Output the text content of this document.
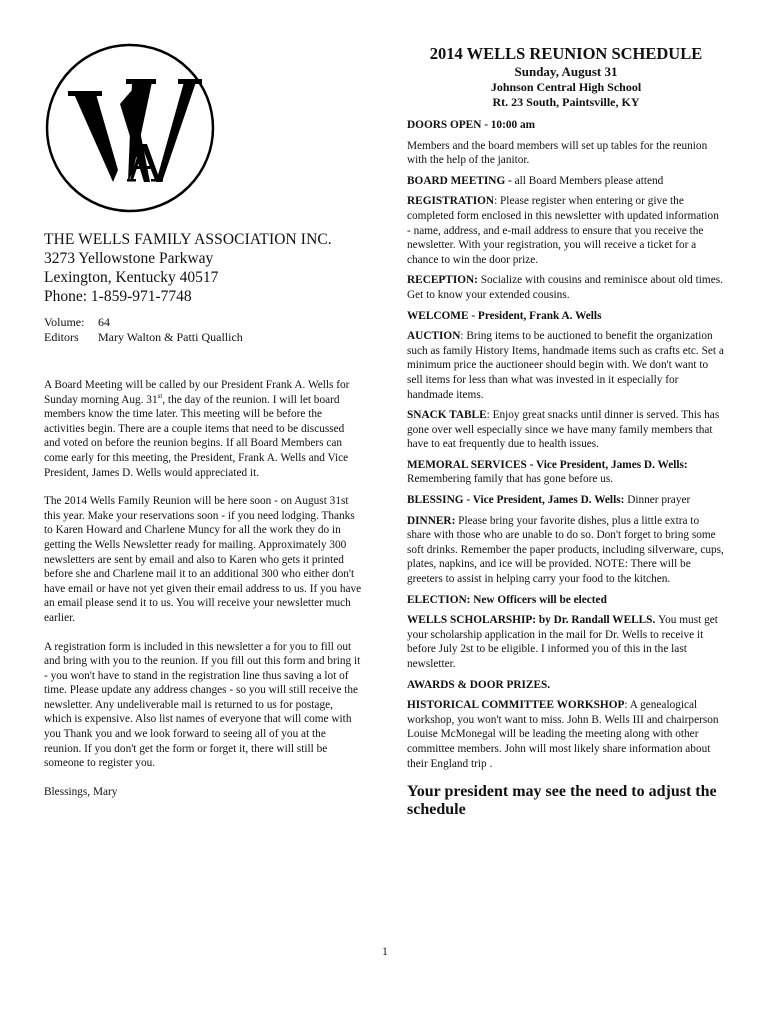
THE WELLS FAMILY ASSOCIATION INC.
3273 Yellowstone Parkway
Lexington, Kentucky 40517
Phone: 1-859-971-7748
Volume: 64
Editors Mary Walton & Patti Quallich

A Board Meeting will be called by our President Frank A. Wells for Sunday morning Aug. 31st, the day of the reunion. I will let board members know the time later. This meeting will be before the activities begin. There are a couple items that need to be discussed and voted on before the reunion begins. If all Board Members can come early for this meeting, the President, Frank A. Wells and Vice President, James D. Wells would appreciated it.

The 2014 Wells Family Reunion will be here soon - on August 31st this year. Make your reservations soon - if you need lodging. Thanks to Karen Howard and Charlene Muncy for all the work they do in getting the Wells Newsletter ready for mailing. Approximately 300 newsletters are sent by email and also to Karen who gets it printed before she and Charlene mail it to an additional 300 who either don't have email or have not yet given their email address to us. If you have an email please send it to us. You will receive your newsletter much earlier.

A registration form is included in this newsletter a for you to fill out and bring with you to the reunion. If you fill out this form and bring it - you won't have to stand in the registration line thus saving a lot of time. Please update any address changes - so you will still receive the newsletter. Any undeliverable mail is returned to us for postage, which is expensive. Also list names of everyone that will come with you Thank you and we look forward to seeing all of you at the reunion. If you don't get the form or forget it, there will still be someone to register you.

Blessings, Mary

2014 WELLS REUNION SCHEDULE
Sunday, August 31
Johnson Central High School
Rt. 23 South, Paintsville, KY
DOORS OPEN - 10:00 am
Members and the board members will set up tables for the reunion with the help of the janitor.
BOARD MEETING - all Board Members please attend
REGISTRATION: Please register when entering or give the completed form enclosed in this newsletter with updated information - name, address, and e-mail address to ensure that you receive the newsletter. With your registration, you will receive a ticket for a chance to win the door prize.
RECEPTION: Socialize with cousins and reminisce about old times. Get to know your extended cousins.
WELCOME - President, Frank A. Wells
AUCTION: Bring items to be auctioned to benefit the organization such as family History Items, handmade items such as crafts etc. Set a minimum price the auctioneer should begin with. We don't want to sell items for less than what was invested in it especially for handmade items.
SNACK TABLE: Enjoy great snacks until dinner is served. This has gone over well especially since we have many family members that have to eat frequently due to health issues.
MEMORAL SERVICES - Vice President, James D. Wells: Remembering family that has gone before us.
BLESSING - Vice President, James D. Wells: Dinner prayer
DINNER: Please bring your favorite dishes, plus a little extra to share with those who are unable to do so. Don't forget to bring some soft drinks. Remember the paper products, including silverware, cups, plates, napkins, and ice will be provided. NOTE: There will be greeters to assist in helping carry your food to the kitchen.
ELECTION: New Officers will be elected
WELLS SCHOLARSHIP: by Dr. Randall WELLS. You must get your scholarship application in the mail for Dr. Wells to receive it before July 2st to be eligible. I informed you of this in the last newsletter.
AWARDS & DOOR PRIZES.
HISTORICAL COMMITTEE WORKSHOP: A genealogical workshop, you won't want to miss. John B. Wells III and chairperson Louise McMonegal will be leading the meeting along with other committee members. John will most likely share information about their England trip .
Your president may see the need to adjust the schedule
1
